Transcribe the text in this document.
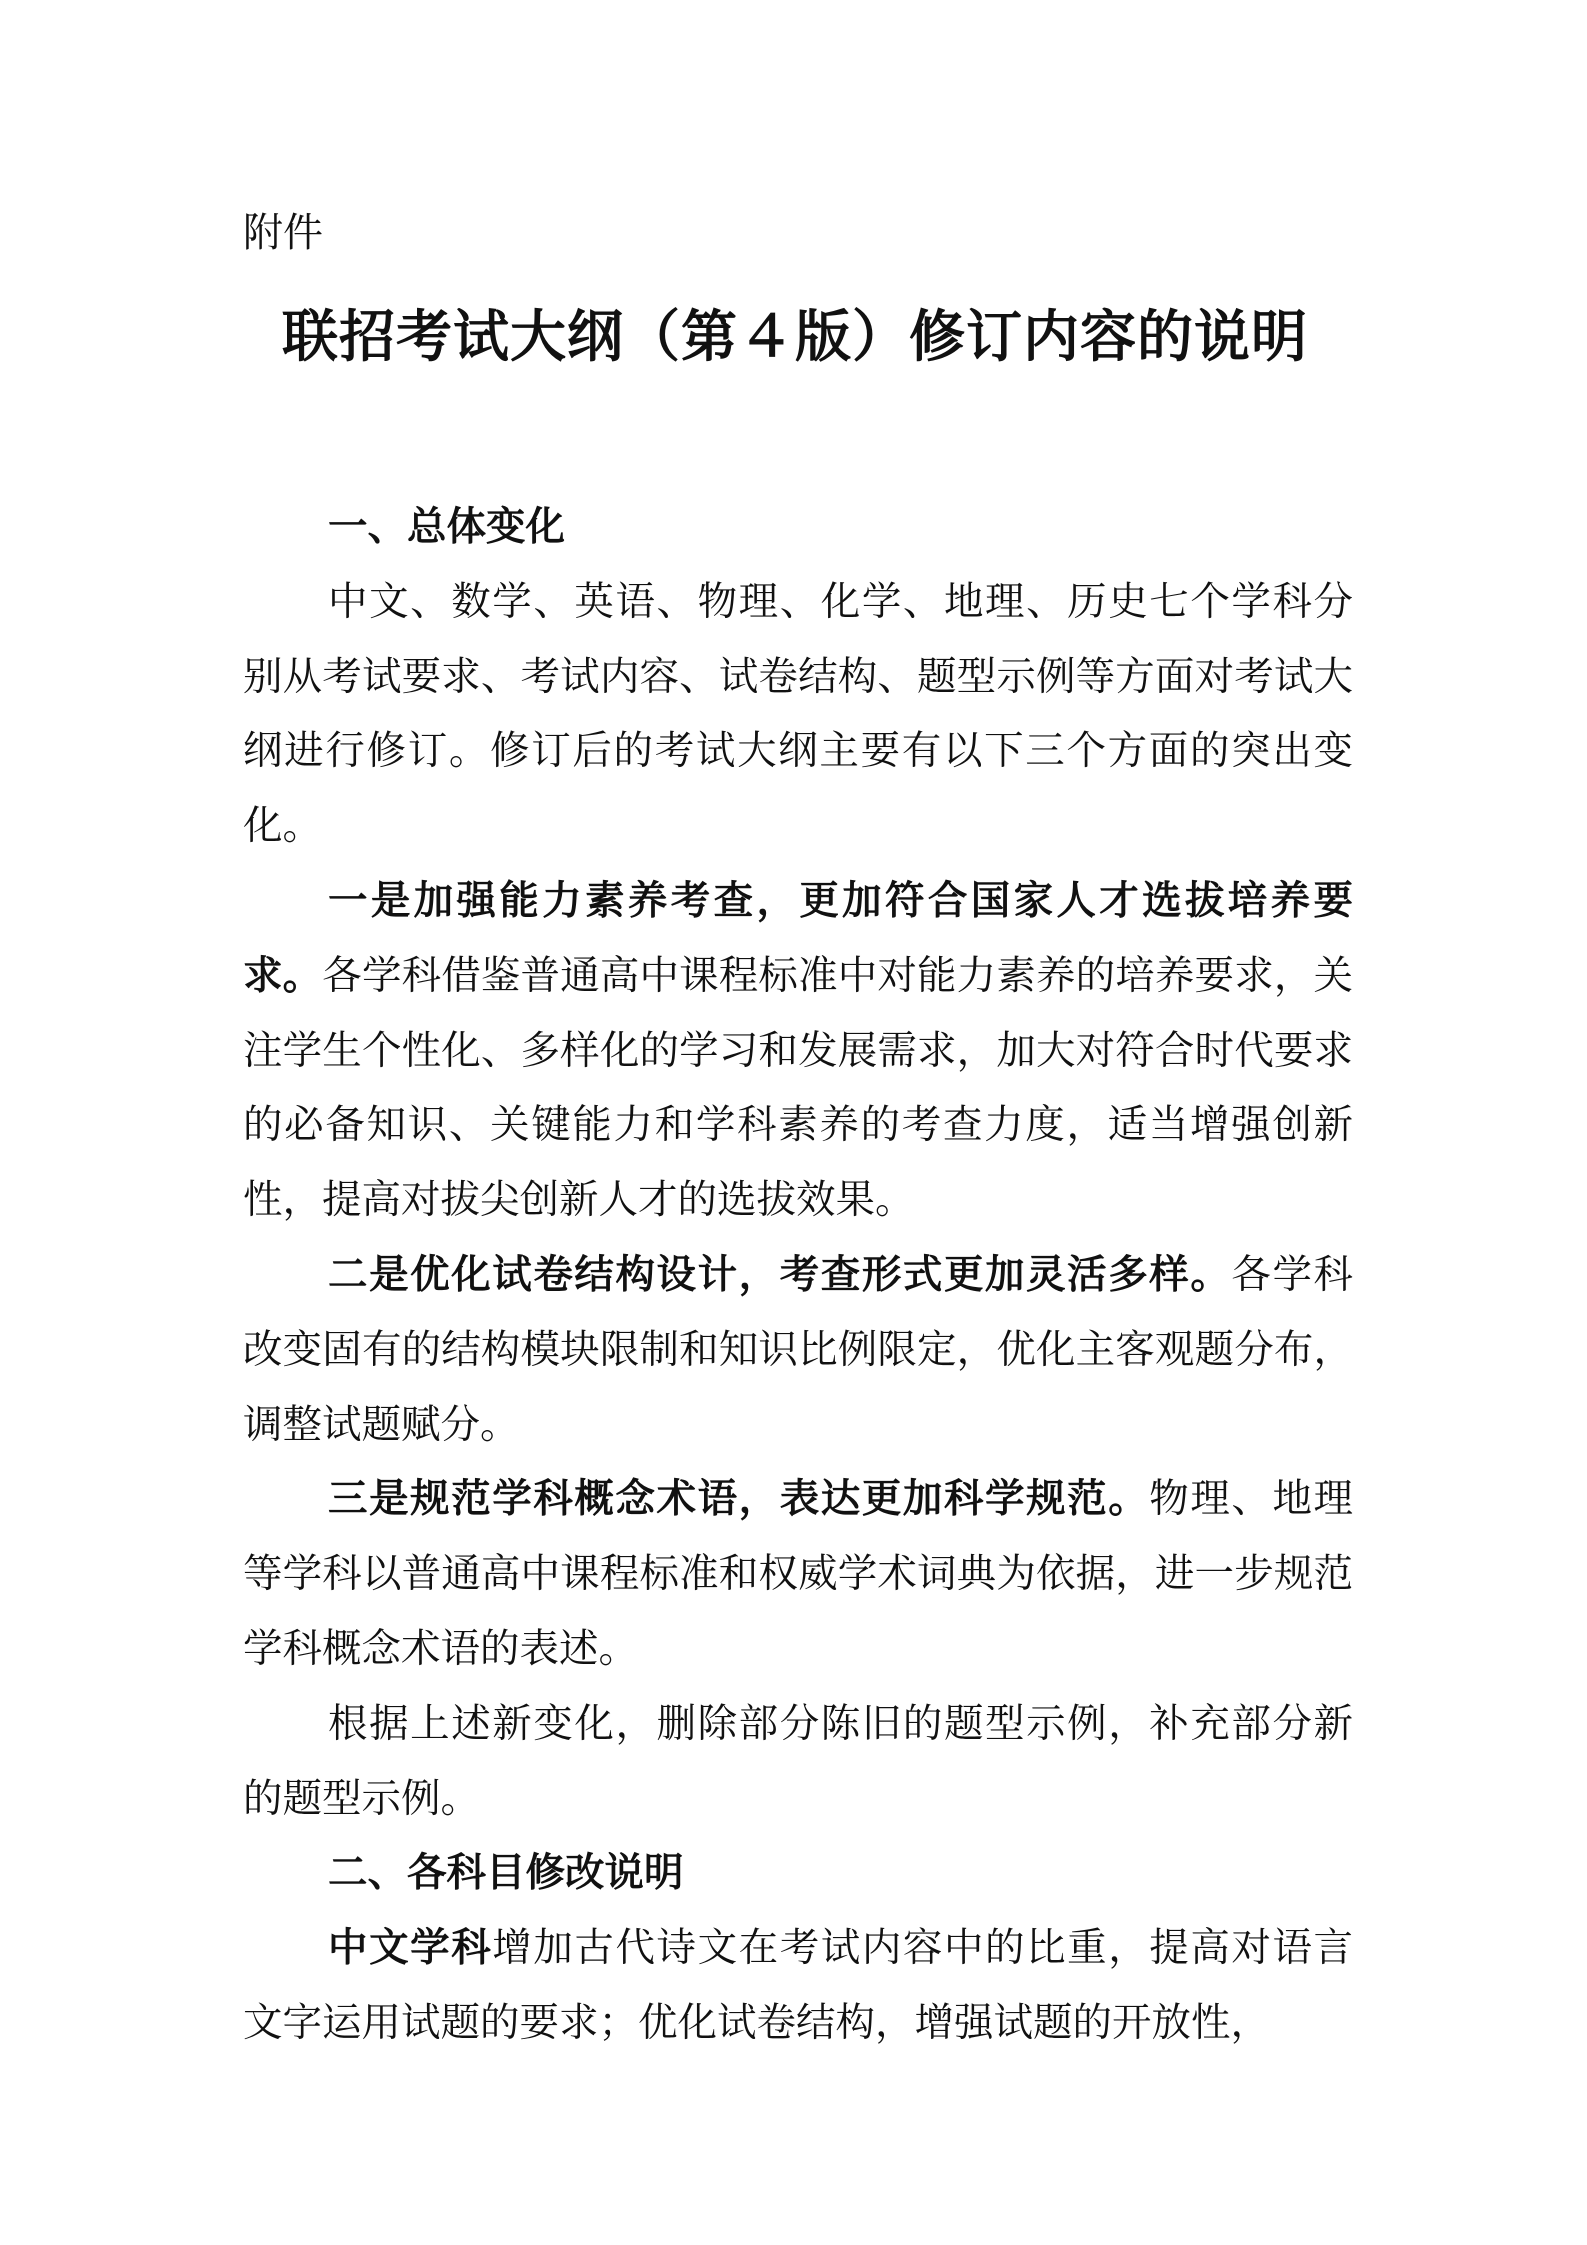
附件
联招考试大纲（第４版）修订内容的说明

一、总体变化

中文、数学、英语、物理、化学、地理、历史七个学科分别从考试要求、考试内容、试卷结构、题型示例等方面对考试大纲进行修订。修订后的考试大纲主要有以下三个方面的突出变化。

一是加强能力素养考查，更加符合国家人才选拔培养要求。各学科借鉴普通高中课程标准中对能力素养的培养要求，关注学生个性化、多样化的学习和发展需求，加大对符合时代要求的必备知识、关键能力和学科素养的考查力度，适当增强创新性，提高对拔尖创新人才的选拔效果。

二是优化试卷结构设计，考查形式更加灵活多样。各学科改变固有的结构模块限制和知识比例限定，优化主客观题分布，调整试题赋分。

三是规范学科概念术语，表达更加科学规范。物理、地理等学科以普通高中课程标准和权威学术词典为依据，进一步规范学科概念术语的表述。

根据上述新变化，删除部分陈旧的题型示例，补充部分新的题型示例。

二、各科目修改说明

中文学科增加古代诗文在考试内容中的比重，提高对语言文字运用试题的要求；优化试卷结构，增强试题的开放性，
